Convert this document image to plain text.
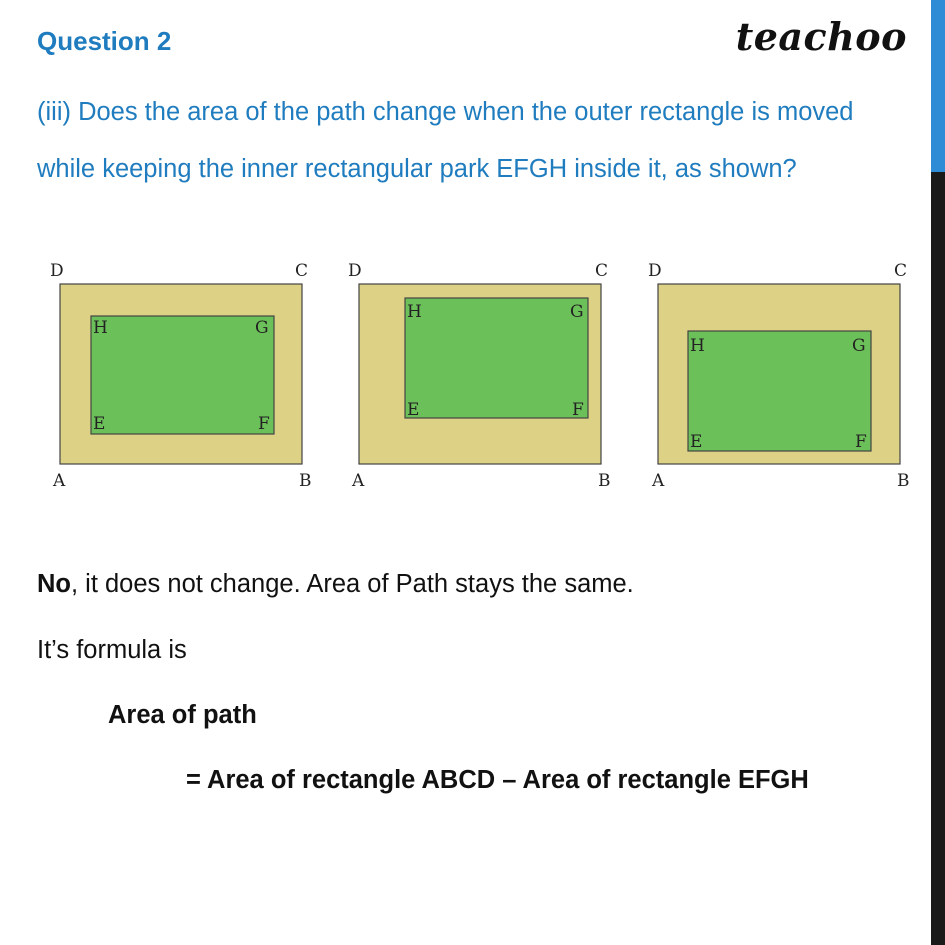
Question 2	teachoo
(iii) Does the area of the path change when the outer rectangle is moved while keeping the inner rectangular park EFGH inside it, as shown?
D	C
A	B
H	G
E	F
D	C
A	B
H	G
E	F
D	C
A	B
H	G
E	F
No, it does not change. Area of Path stays the same.
It’s formula is
Area of path
= Area of rectangle ABCD – Area of rectangle EFGH
